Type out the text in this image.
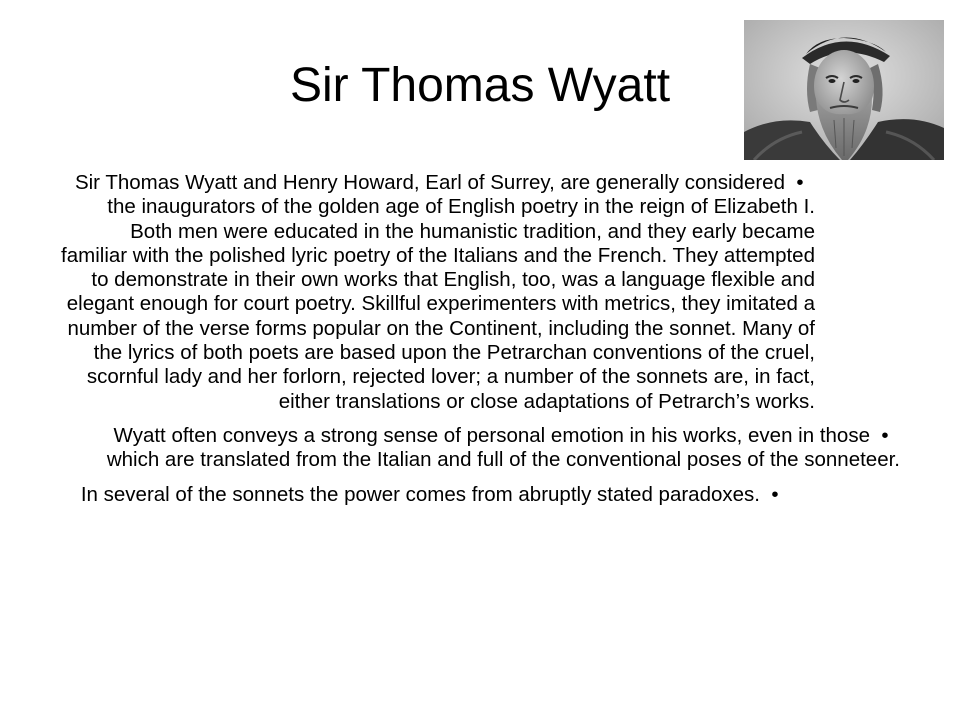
Sir Thomas Wyatt
•Sir Thomas Wyatt and Henry Howard, Earl of Surrey, are generally considered the inaugurators of the golden age of English poetry in the reign of Elizabeth I. Both men were educated in the humanistic tradition, and they early became familiar with the polished lyric poetry of the Italians and the French. They attempted to demonstrate in their own works that English, too, was a language flexible and elegant enough for court poetry. Skillful experimenters with metrics, they imitated a number of the verse forms popular on the Continent, including the sonnet. Many of the lyrics of both poets are based upon the Petrarchan conventions of the cruel, scornful lady and her forlorn, rejected lover; a number of the sonnets are, in fact, either translations or close adaptations of Petrarch’s works.
•Wyatt often conveys a strong sense of personal emotion in his works, even in those which are translated from the Italian and full of the conventional poses of the sonneteer.
•In several of the sonnets the power comes from abruptly stated paradoxes.
